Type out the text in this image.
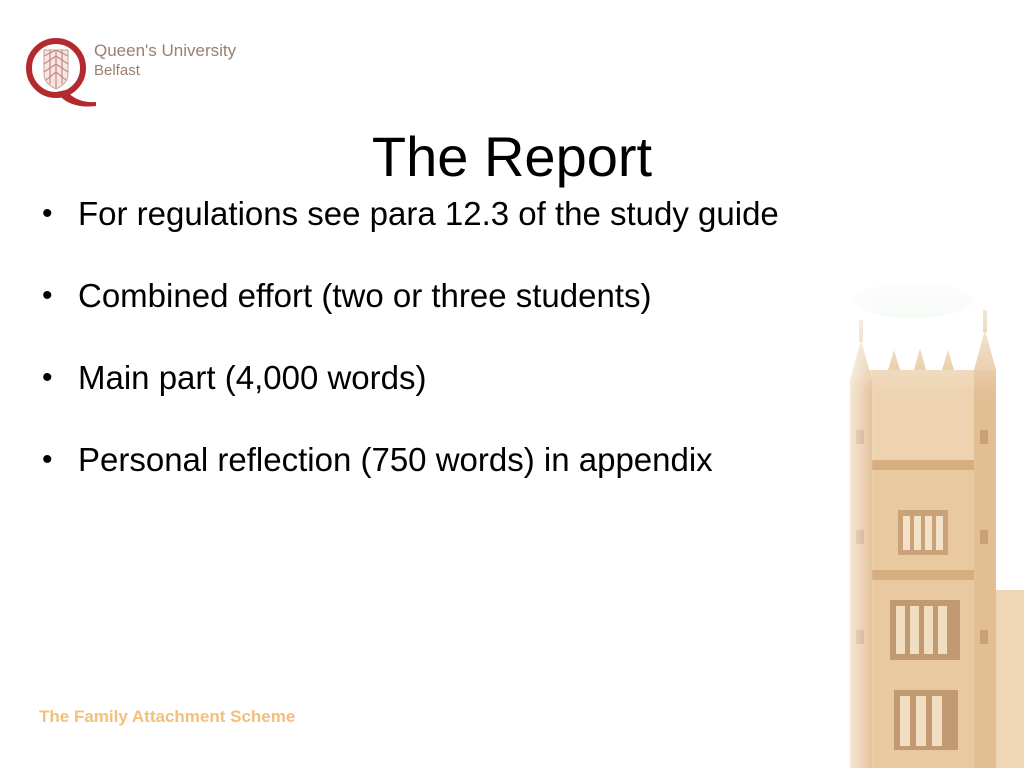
Queen's University
Belfast
The Report
• For regulations see para 12.3 of the study guide
• Combined effort (two or three students)
• Main part (4,000 words)
• Personal reflection (750 words) in appendix
The Family Attachment Scheme
